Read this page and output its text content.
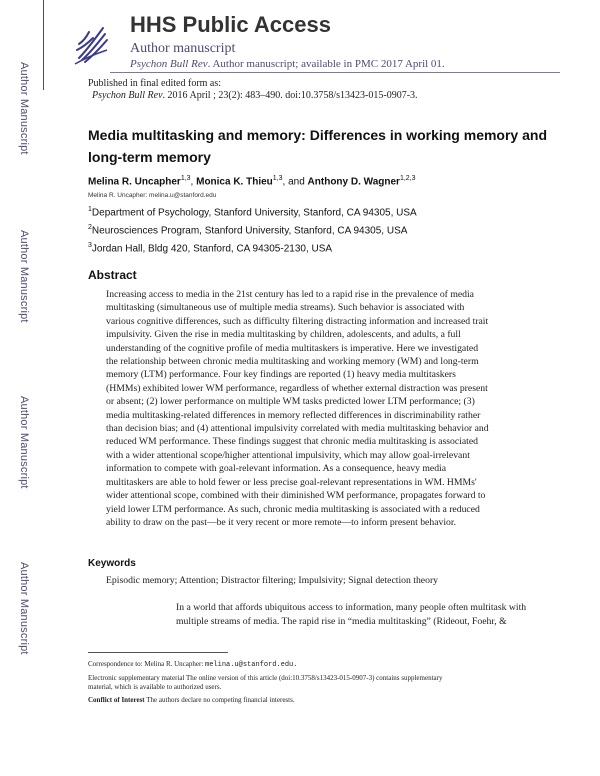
Author Manuscript
Author Manuscript
Author Manuscript
Author Manuscript
HHS Public Access
Author manuscript
Psychon Bull Rev. Author manuscript; available in PMC 2017 April 01.
Published in final edited form as:
Psychon Bull Rev. 2016 April ; 23(2): 483–490. doi:10.3758/s13423-015-0907-3.
Media multitasking and memory: Differences in working memory and long-term memory
Melina R. Uncapher$^{1,3}$, Monica K. Thieu$^{1,3}$, and Anthony D. Wagner$^{1,2,3}$
Melina R. Uncapher: melina.u@stanford.edu
$^1$Department of Psychology, Stanford University, Stanford, CA 94305, USA
$^2$Neurosciences Program, Stanford University, Stanford, CA 94305, USA
$^3$Jordan Hall, Bldg 420, Stanford, CA 94305-2130, USA
Abstract
Increasing access to media in the 21st century has led to a rapid rise in the prevalence of media
multitasking (simultaneous use of multiple media streams). Such behavior is associated with
various cognitive differences, such as difficulty filtering distracting information and increased trait
impulsivity. Given the rise in media multitasking by children, adolescents, and adults, a full
understanding of the cognitive profile of media multitaskers is imperative. Here we investigated
the relationship between chronic media multitasking and working memory (WM) and long-term
memory (LTM) performance. Four key findings are reported (1) heavy media multitaskers
(HMMs) exhibited lower WM performance, regardless of whether external distraction was present
or absent; (2) lower performance on multiple WM tasks predicted lower LTM performance; (3)
media multitasking-related differences in memory reflected differences in discriminability rather
than decision bias; and (4) attentional impulsivity correlated with media multitasking behavior and
reduced WM performance. These findings suggest that chronic media multitasking is associated
with a wider attentional scope/higher attentional impulsivity, which may allow goal-irrelevant
information to compete with goal-relevant information. As a consequence, heavy media
multitaskers are able to hold fewer or less precise goal-relevant representations in WM. HMMs'
wider attentional scope, combined with their diminished WM performance, propagates forward to
yield lower LTM performance. As such, chronic media multitasking is associated with a reduced
ability to draw on the past—be it very recent or more remote—to inform present behavior.
Keywords
Episodic memory; Attention; Distractor filtering; Impulsivity; Signal detection theory
In a world that affords ubiquitous access to information, many people often multitask with
multiple streams of media. The rapid rise in “media multitasking” (Rideout, Foehr, &
Correspondence to: Melina R. Uncapher: melina.u@stanford.edu.
Electronic supplementary material The online version of this article (doi:10.3758/s13423-015-0907-3) contains supplementary
material, which is available to authorized users.
Conflict of Interest The authors declare no competing financial interests.
